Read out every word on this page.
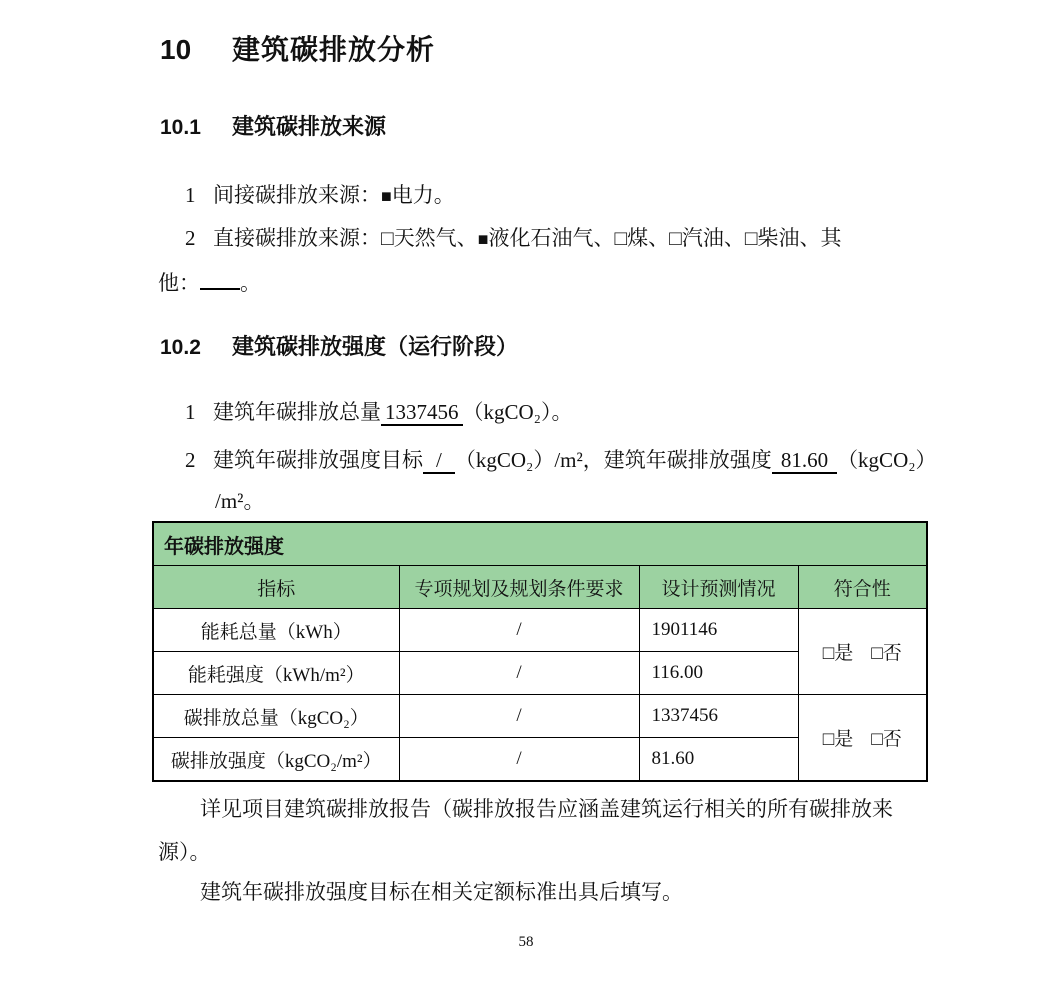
10 建筑碳排放分析
10.1 建筑碳排放来源
1 间接碳排放来源：■电力。
2 直接碳排放来源：□天然气、■液化石油气、□煤、□汽油、□柴油、其
他： 。
10.2 建筑碳排放强度（运行阶段）
1 建筑年碳排放总量 1337456 （kgCO₂）。
2 建筑年碳排放强度目标 / （kgCO₂）/m²，建筑年碳排放强度 81.60 （kgCO₂）
/m²。
年碳排放强度			
指标	专项规划及规划条件要求	设计预测情况	符合性
能耗总量（kWh）	/	1901146	□是 □否
能耗强度（kWh/m²）	/	116.00	
碳排放总量（kgCO₂）	/	1337456	□是 □否
碳排放强度（kgCO₂/m²）	/	81.60	
详见项目建筑碳排放报告（碳排放报告应涵盖建筑运行相关的所有碳排放来
源）。
建筑年碳排放强度目标在相关定额标准出具后填写。
58
